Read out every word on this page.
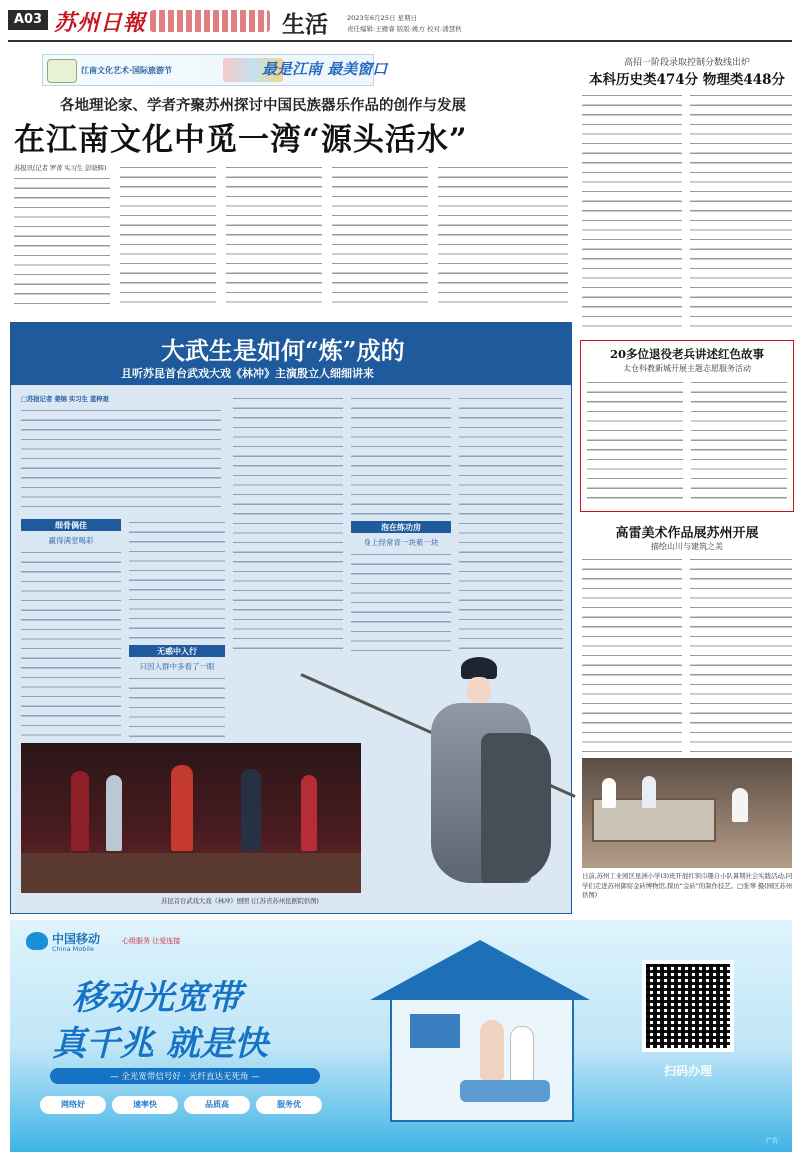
A03 苏州日報	生活	2023年6月25日 星期日
责任编辑:王雁睿 版版:姚方 校对:潘慧秋
江南文化艺术·国际旅游节	最是江南 最美窗口
各地理论家、学者齐聚苏州探讨中国民族器乐作品的创作与发展
在江南文化中觅一湾“源头活水”
苏报讯(记者 罗菁 实习生 彭晓辉)
大武生是如何“炼”成的
且听苏昆首台武戏大戏《林冲》主演殷立人细细讲来
□苏报记者 姜锦 实习生 蓝梓艰
细骨偶佳
赢得满堂喝彩
无惑中入行
只因入群中多看了一眼
泡在练功房
身上经常青一块紫一块
苏昆首台武戏大戏《林冲》剧照 (江苏省苏州昆剧院供图)
高招一阶段录取控制分数线出炉
本科历史类474分 物理类448分
20多位退役老兵讲述红色故事
太仓科教新城开展主题志愿服务活动
高雷美术作品展苏州开展
描绘山川与建筑之美
日前,苏州工业园区星洲小学(3)班开展红领巾趣自小队暑期社会实践活动,同学们走进苏州御窑金砖博物馆,探访“金砖”的制作技艺。□张琴 摄(园区苏州供图)
中国移动
China Mobile
心级服务 让爱连接
移动光宽带
真千兆 就是快
— 全光宽带信号好 · 光纤直达无死角 —
网络好	速率快	品质高	服务优
扫码办理
广告
